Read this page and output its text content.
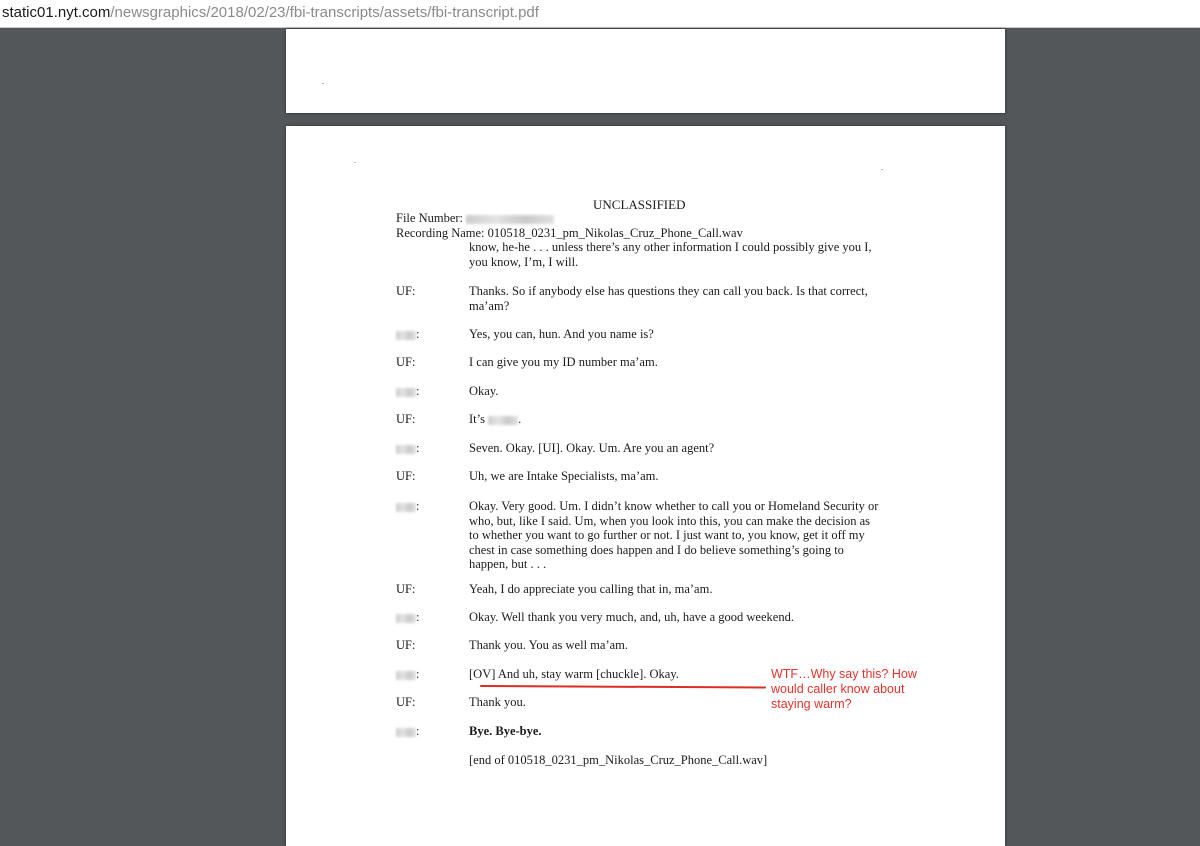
static01.nyt.com/newsgraphics/2018/02/23/fbi-transcripts/assets/fbi-transcript.pdf
UNCLASSIFIED
File Number:
Recording Name: 010518_0231_pm_Nikolas_Cruz_Phone_Call.wav
know, he-he . . . unless there’s any other information I could possibly give you I,
you know, I’m, I will.
UF:	Thanks. So if anybody else has questions they can call you back. Is that correct,
ma’am?
:	Yes, you can, hun. And you name is?
UF:	I can give you my ID number ma’am.
:	Okay.
UF:	It’s .
:	Seven. Okay. [UI]. Okay. Um. Are you an agent?
UF:	Uh, we are Intake Specialists, ma’am.
:	Okay. Very good. Um. I didn’t know whether to call you or Homeland Security or
who, but, like I said. Um, when you look into this, you can make the decision as
to whether you want to go further or not. I just want to, you know, get it off my
chest in case something does happen and I do believe something’s going to
happen, but . . .
UF:	Yeah, I do appreciate you calling that in, ma’am.
:	Okay. Well thank you very much, and, uh, have a good weekend.
UF:	Thank you. You as well ma’am.
:	[OV] And uh, stay warm [chuckle]. Okay.
UF:	Thank you.
:	Bye. Bye-bye.
[end of 010518_0231_pm_Nikolas_Cruz_Phone_Call.wav]
WTF…Why say this? How
would caller know about
staying warm?
